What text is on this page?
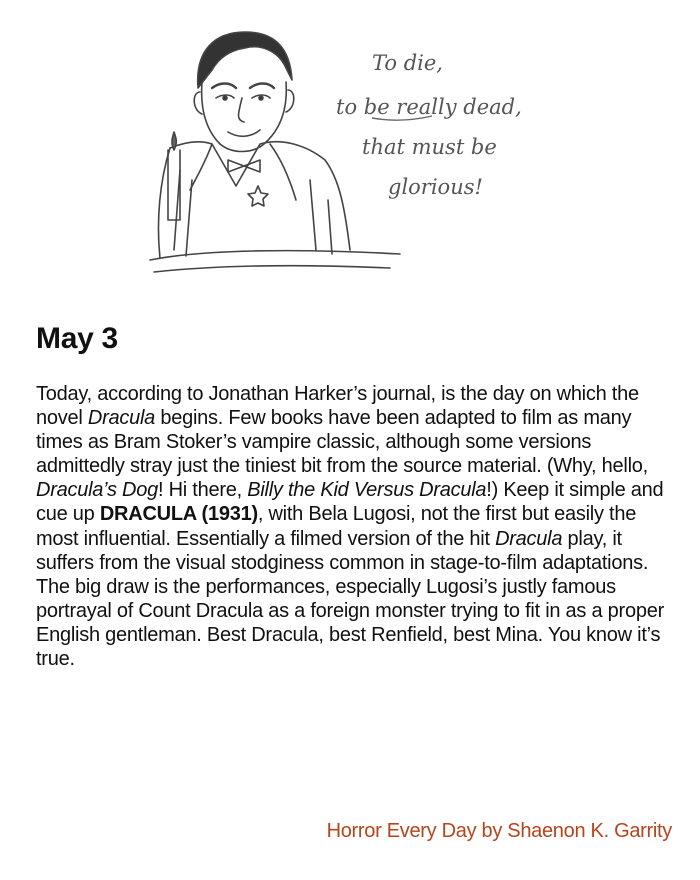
To die,
to be really dead,
that must be
glorious!
May 3

Today, according to Jonathan Harker’s journal, is the day on which the novel Dracula begins. Few books have been adapted to film as many times as Bram Stoker’s vampire classic, although some versions admittedly stray just the tiniest bit from the source material. (Why, hello, Dracula’s Dog! Hi there, Billy the Kid Versus Dracula!) Keep it simple and cue up DRACULA (1931), with Bela Lugosi, not the first but easily the most influential. Essentially a filmed version of the hit Dracula play, it suffers from the visual stodginess common in stage-to-film adaptations. The big draw is the performances, especially Lugosi’s justly famous portrayal of Count Dracula as a foreign monster trying to fit in as a proper English gentleman. Best Dracula, best Renfield, best Mina. You know it’s true.

Horror Every Day by Shaenon K. Garrity
